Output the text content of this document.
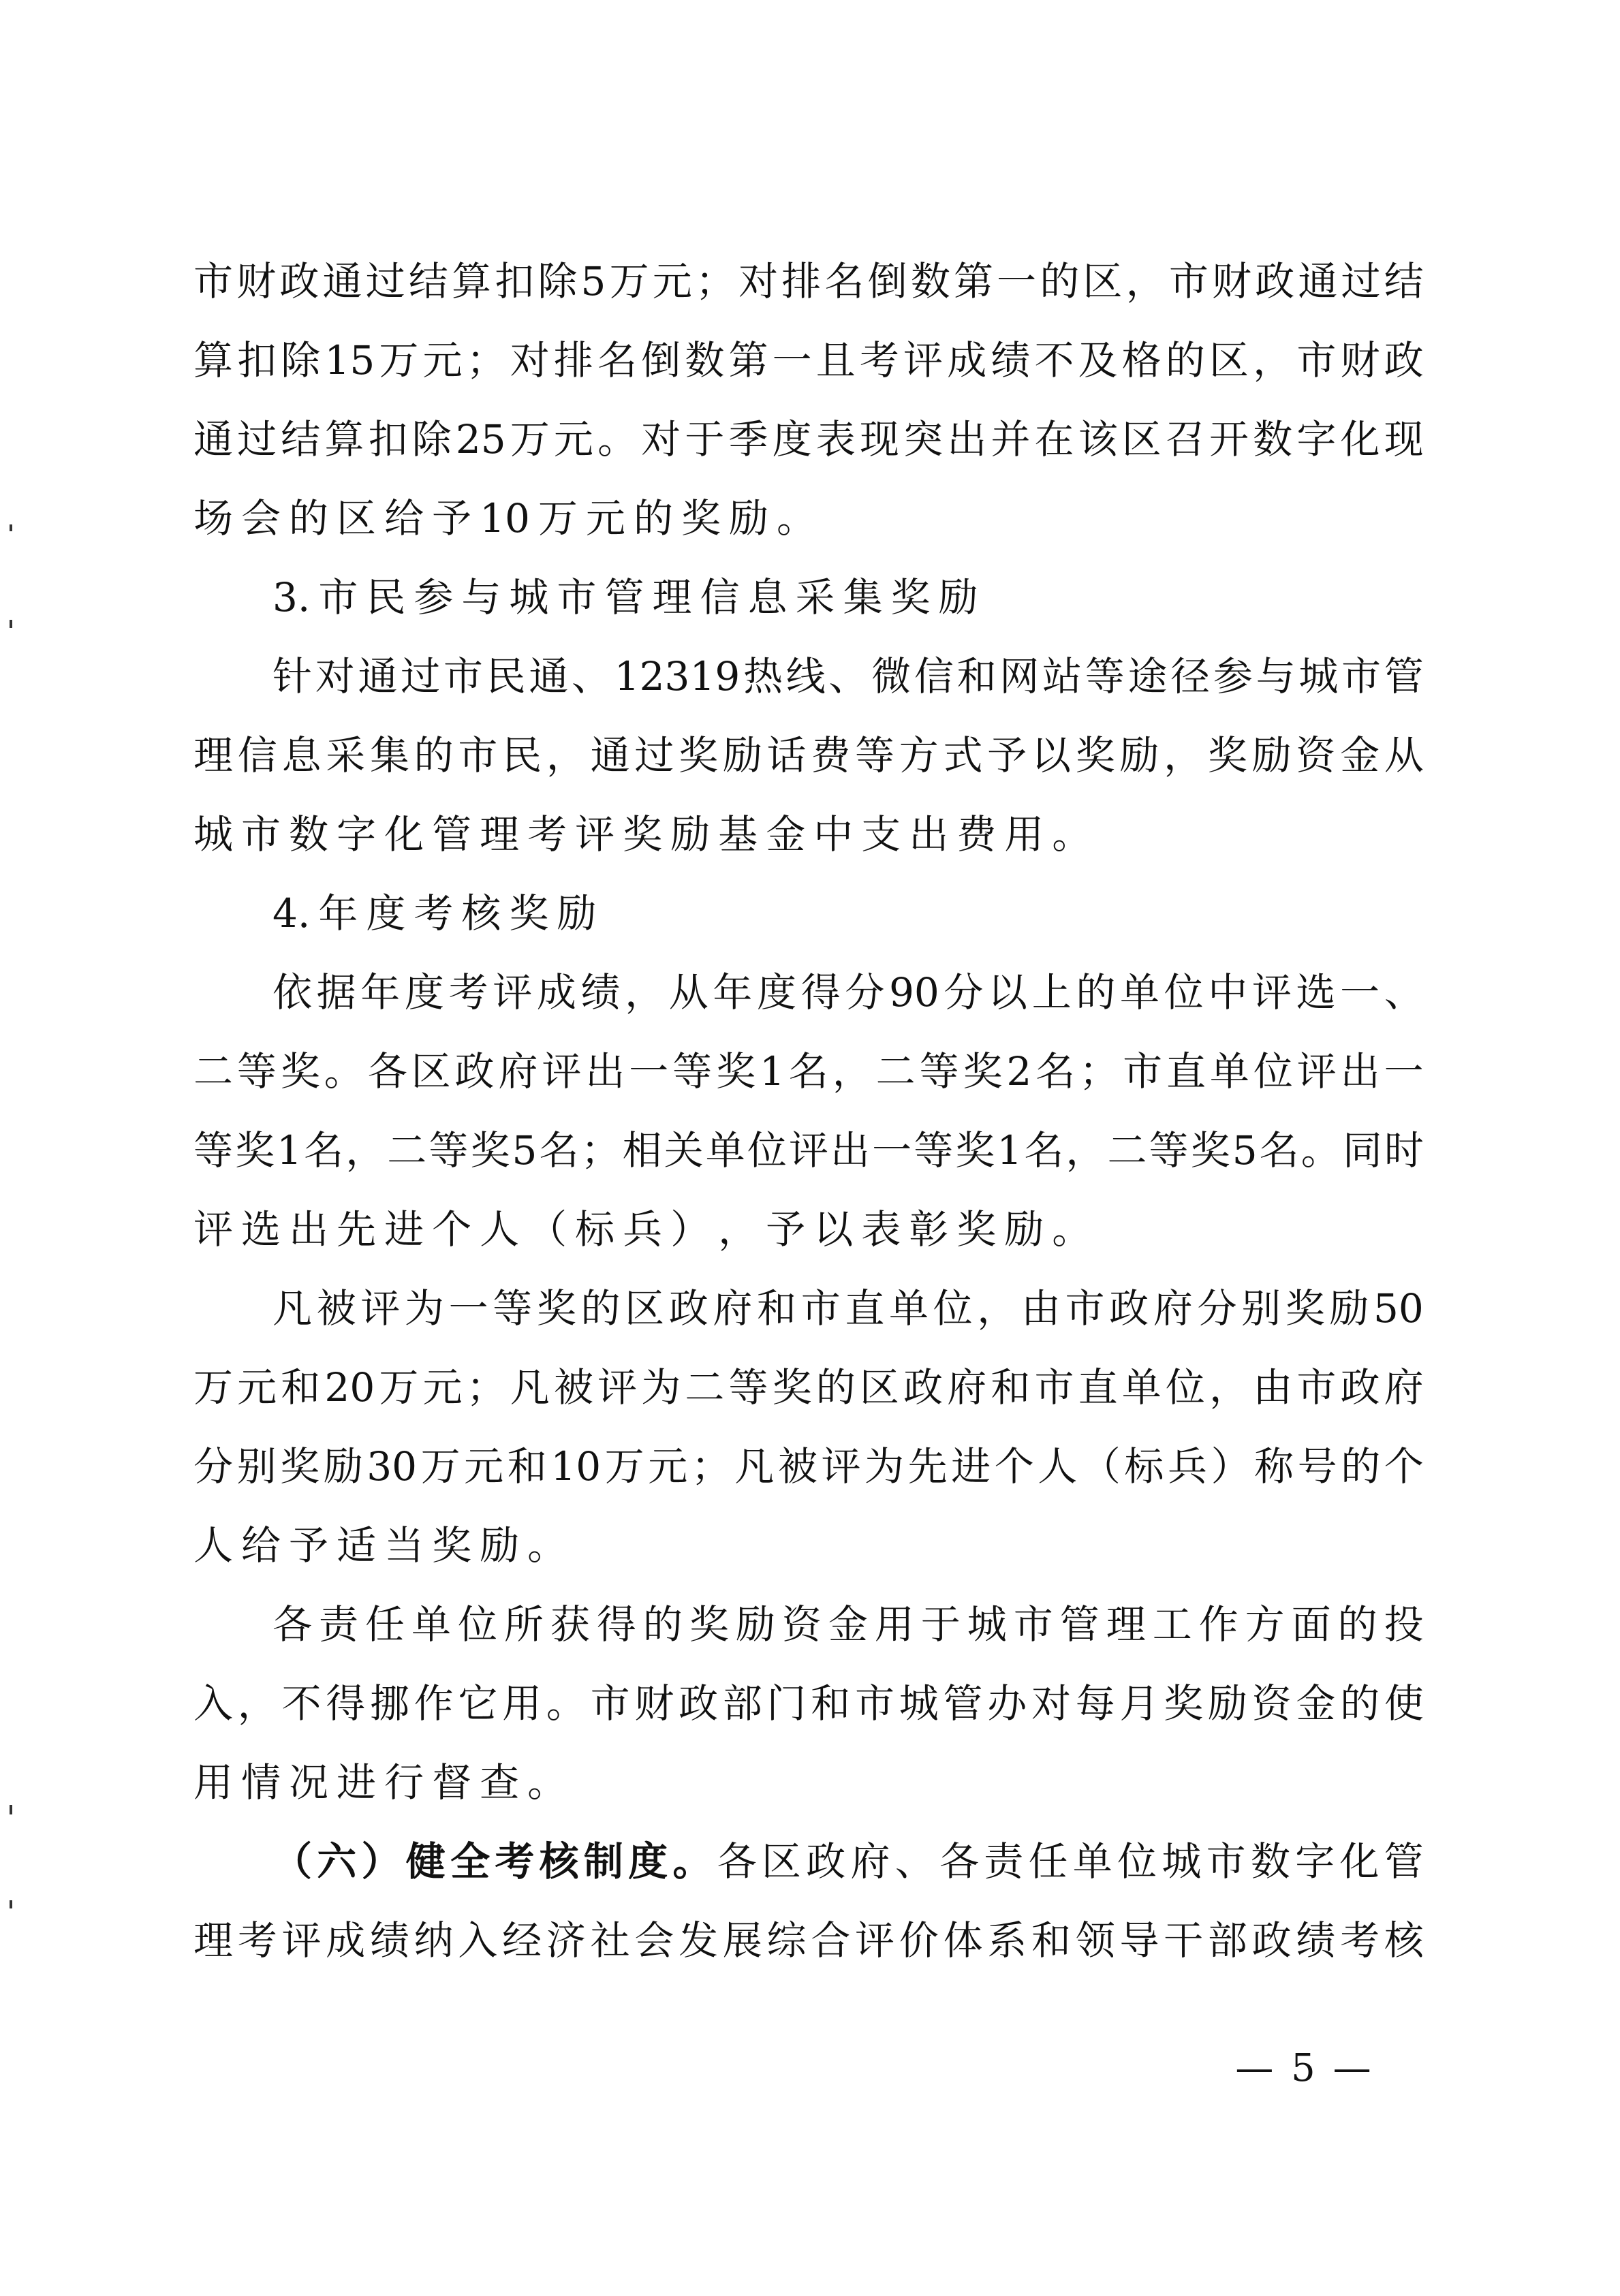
市 财 政 通 过 结 算 扣 除 5 万 元 ； 对 排 名 倒 数 第 一 的 区 ， 市 财 政 通 过 结
算 扣 除 15 万 元 ； 对 排 名 倒 数 第 一 且 考 评 成 绩 不 及 格 的 区 ， 市 财 政
通 过 结 算 扣 除 25 万 元 。 对 于 季 度 表 现 突 出 并 在 该 区 召 开 数 字 化 现
场 会 的 区 给 予 10 万 元 的 奖 励 。
3. 市 民 参 与 城 市 管 理 信 息 采 集 奖 励
针 对 通 过 市 民 通 、 12319 热 线 、 微 信 和 网 站 等 途 径 参 与 城 市 管
理 信 息 采 集 的 市 民 ， 通 过 奖 励 话 费 等 方 式 予 以 奖 励 ， 奖 励 资 金 从
城 市 数 字 化 管 理 考 评 奖 励 基 金 中 支 出 费 用 。
4. 年 度 考 核 奖 励
依 据 年 度 考 评 成 绩 ， 从 年 度 得 分 90 分 以 上 的 单 位 中 评 选 一 、
二 等 奖 。 各 区 政 府 评 出 一 等 奖 1 名 ， 二 等 奖 2 名 ； 市 直 单 位 评 出 一
等 奖 1 名 ， 二 等 奖 5 名 ； 相 关 单 位 评 出 一 等 奖 1 名 ， 二 等 奖 5 名 。 同 时
评 选 出 先 进 个 人 （ 标 兵 ） ， 予 以 表 彰 奖 励 。
凡 被 评 为 一 等 奖 的 区 政 府 和 市 直 单 位 ， 由 市 政 府 分 别 奖 励 50
万 元 和 20 万 元 ； 凡 被 评 为 二 等 奖 的 区 政 府 和 市 直 单 位 ， 由 市 政 府
分 别 奖 励 30 万 元 和 10 万 元 ； 凡 被 评 为 先 进 个 人 （ 标 兵 ） 称 号 的 个
人 给 予 适 当 奖 励 。
各 责 任 单 位 所 获 得 的 奖 励 资 金 用 于 城 市 管 理 工 作 方 面 的 投
入 ， 不 得 挪 作 它 用 。 市 财 政 部 门 和 市 城 管 办 对 每 月 奖 励 资 金 的 使
用 情 况 进 行 督 查 。
（ 六 ） 健 全 考 核 制 度 。 各 区 政 府 、 各 责 任 单 位 城 市 数 字 化 管
理 考 评 成 绩 纳 入 经 济 社 会 发 展 综 合 评 价 体 系 和 领 导 干 部 政 绩 考 核
— 5 —
